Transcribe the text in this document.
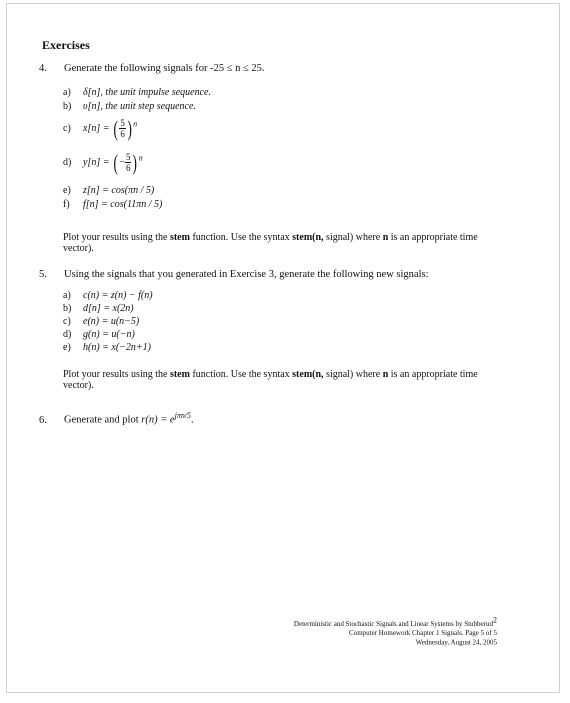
Exercises
4. Generate the following signals for -25 ≤ n ≤ 25.
a) δ[n], the unit impulse sequence.
b) υ[n], the unit step sequence.
c) x[n] = ( $\frac{5}{6} )^n$
d) y[n] = (− $\frac{5}{6} )^n$
e) z[n] = cos(πn / 5)
f) f[n] = cos(11πn / 5)
Plot your results using the stem function. Use the syntax stem(n, signal) where n is an appropriate time vector).
5. Using the signals that you generated in Exercise 3, generate the following new signals:
a) c(n) = z(n) − f(n)
b) d[n] = x(2n)
c) e(n) = u(n−5)
d) g(n) = u(−n)
e) h(n) = x(−2n+1)
Plot your results using the stem function. Use the syntax stem(n, signal) where n is an appropriate time vector).
6. Generate and plot $r(n) = e^{j\pi n/5}$.
Deterministic and Stochastic Signals and Linear Systems by Stubberud$^2$
Computer Homework Chapter 1 Signals. Page 5 of 5
Wednesday, August 24, 2005
